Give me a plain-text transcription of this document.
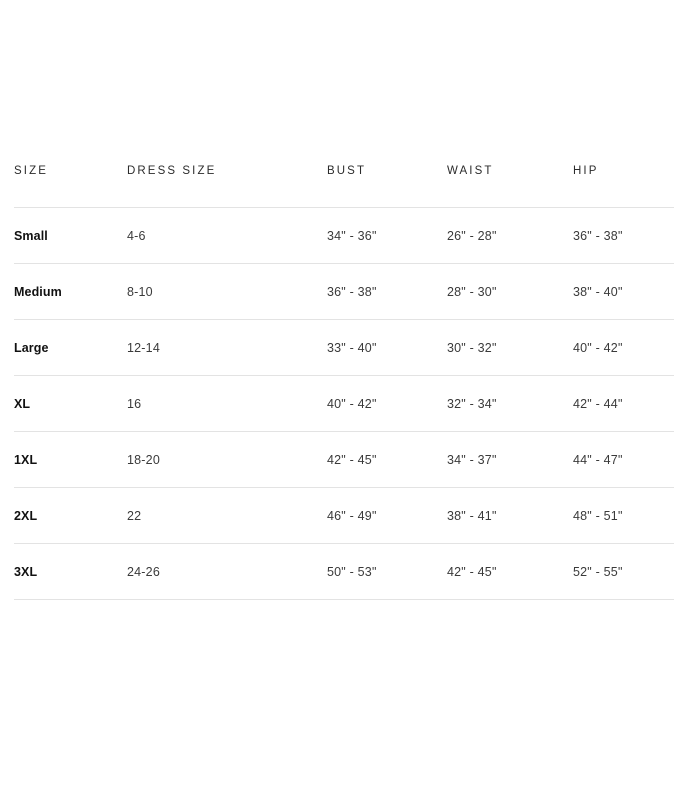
SIZE	DRESS SIZE	BUST	WAIST	HIP
Small	4-6	34" - 36"	26" - 28"	36" - 38"
Medium	8-10	36" - 38"	28" - 30"	38" - 40"
Large	12-14	33" - 40"	30" - 32"	40" - 42"
XL	16	40" - 42"	32" - 34"	42" - 44"
1XL	18-20	42" - 45"	34" - 37"	44" - 47"
2XL	22	46" - 49"	38" - 41"	48" - 51"
3XL	24-26	50" - 53"	42" - 45"	52" - 55"
